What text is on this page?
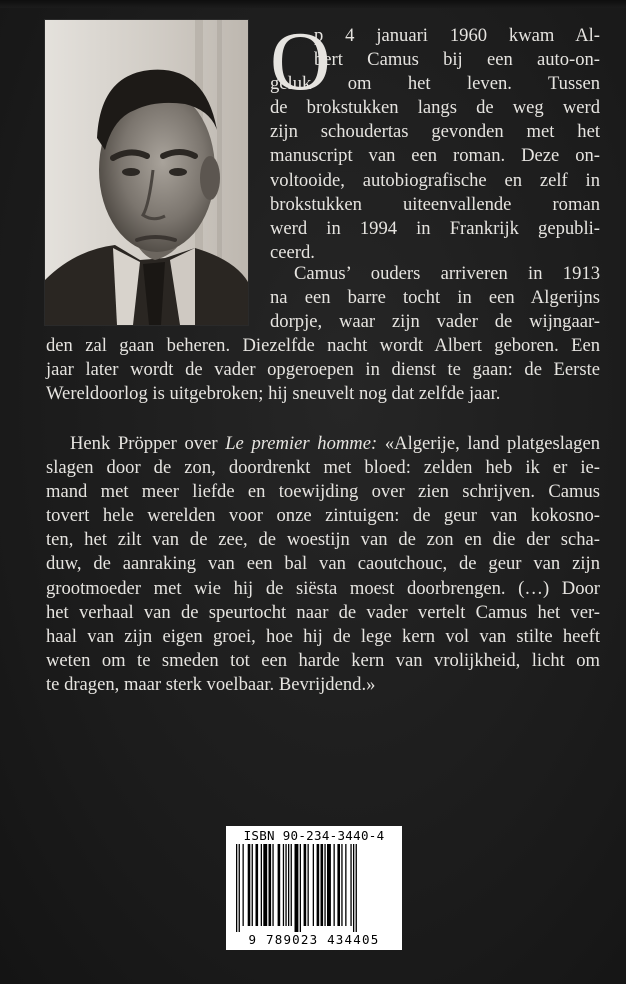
O
p 4 januari 1960 kwam Al-
bert Camus bij een auto-on-
geluk om het leven. Tussen
de brokstukken langs de weg werd
zijn schoudertas gevonden met het
manuscript van een roman. Deze on-
voltooide, autobiografische en zelf in
brokstukken uiteenvallende roman
werd in 1994 in Frankrijk gepubli-
ceerd.
Camus’ ouders arriveren in 1913
na een barre tocht in een Algerijns
dorpje, waar zijn vader de wijngaar-
den zal gaan beheren. Diezelfde nacht wordt Albert geboren. Een
jaar later wordt de vader opgeroepen in dienst te gaan: de Eerste
Wereldoorlog is uitgebroken; hij sneuvelt nog dat zelfde jaar.
Henk Pröpper over Le premier homme: «Algerije, land platgeslagen
slagen door de zon, doordrenkt met bloed: zelden heb ik er ie-
mand met meer liefde en toewijding over zien schrijven. Camus
tovert hele werelden voor onze zintuigen: de geur van kokosno-
ten, het zilt van de zee, de woestijn van de zon en die der scha-
duw, de aanraking van een bal van caoutchouc, de geur van zijn
grootmoeder met wie hij de siësta moest doorbrengen. (…) Door
het verhaal van de speurtocht naar de vader vertelt Camus het ver-
haal van zijn eigen groei, hoe hij de lege kern vol van stilte heeft
weten om te smeden tot een harde kern van vrolijkheid, licht om
te dragen, maar sterk voelbaar. Bevrijdend.»
ISBN 90-234-3440-4
9 789023 434405
